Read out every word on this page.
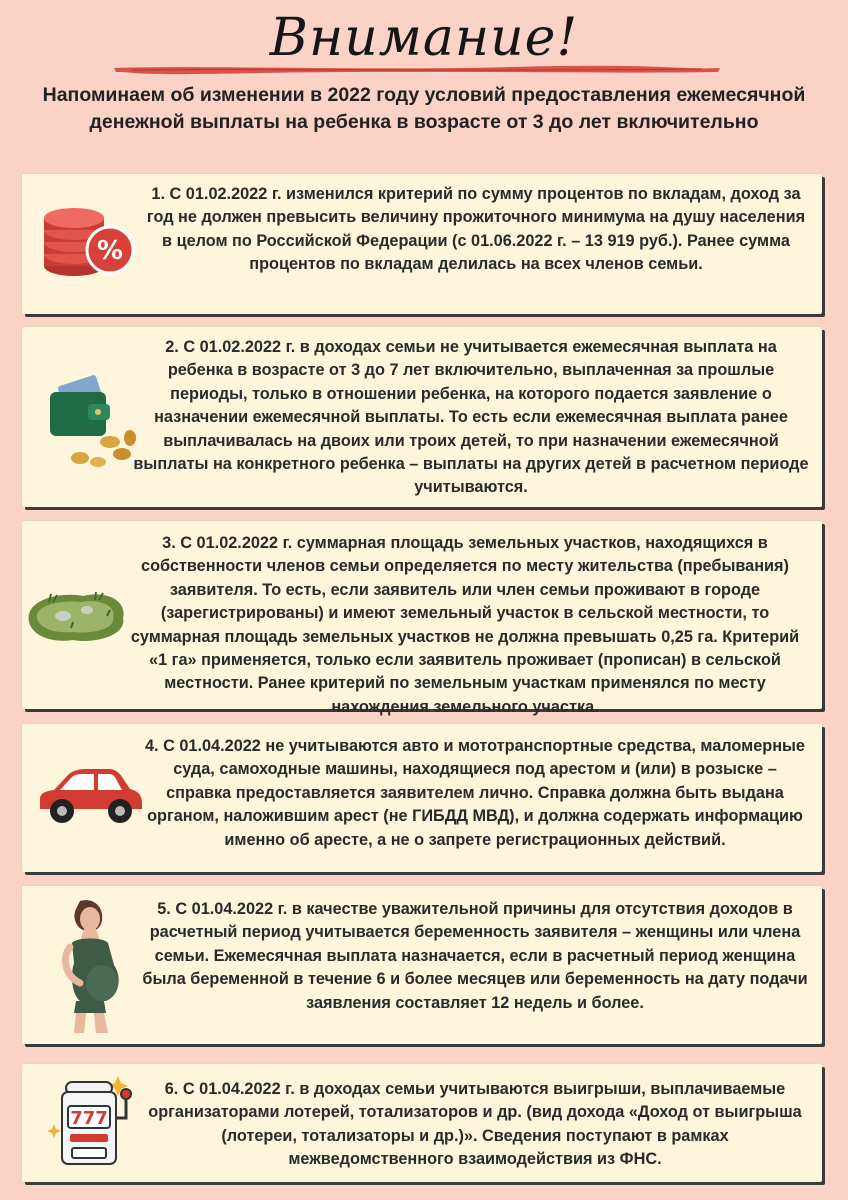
Внимание!
Напоминаем об изменении в 2022 году условий предоставления ежемесячной денежной выплаты на ребенка в возрасте от 3 до лет включительно
%
1. С 01.02.2022 г. изменился критерий по сумму процентов по вкладам, доход за год не должен превысить величину прожиточного минимума на душу населения в целом по Российской Федерации (с 01.06.2022 г. – 13 919 руб.). Ранее сумма процентов по вкладам делилась на всех членов семьи.
2. С 01.02.2022 г. в доходах семьи не учитывается ежемесячная выплата на ребенка в возрасте от 3 до 7 лет включительно, выплаченная за прошлые периоды, только в отношении ребенка, на которого подается заявление о назначении ежемесячной выплаты. То есть если ежемесячная выплата ранее выплачивалась на двоих или троих детей, то при назначении ежемесячной выплаты на конкретного ребенка – выплаты на других детей в расчетном периоде учитываются.
3. С 01.02.2022 г. суммарная площадь земельных участков, находящихся в собственности членов семьи определяется по месту жительства (пребывания) заявителя. То есть, если заявитель или член семьи проживают в городе (зарегистрированы) и имеют земельный участок в сельской местности, то суммарная площадь земельных участков не должна превышать 0,25 га. Критерий «1 га» применяется, только если заявитель проживает (прописан) в сельской местности. Ранее критерий по земельным участкам применялся по месту нахождения земельного участка.
4. С 01.04.2022 не учитываются авто и мототранспортные средства, маломерные суда, самоходные машины, находящиеся под арестом и (или) в розыске – справка предоставляется заявителем лично. Справка должна быть выдана органом, наложившим арест (не ГИБДД МВД), и должна содержать информацию именно об аресте, а не о запрете регистрационных действий.
5. С 01.04.2022 г. в качестве уважительной причины для отсутствия доходов в расчетный период учитывается беременность заявителя – женщины или члена семьи. Ежемесячная выплата назначается, если в расчетный период женщина была беременной в течение 6 и более месяцев или беременность на дату подачи заявления составляет 12 недель и более.
777
6. С 01.04.2022 г. в доходах семьи учитываются выигрыши, выплачиваемые организаторами лотерей, тотализаторов и др. (вид дохода «Доход от выигрыша (лотереи, тотализаторы и др.)». Сведения поступают в рамках межведомственного взаимодействия из ФНС.
